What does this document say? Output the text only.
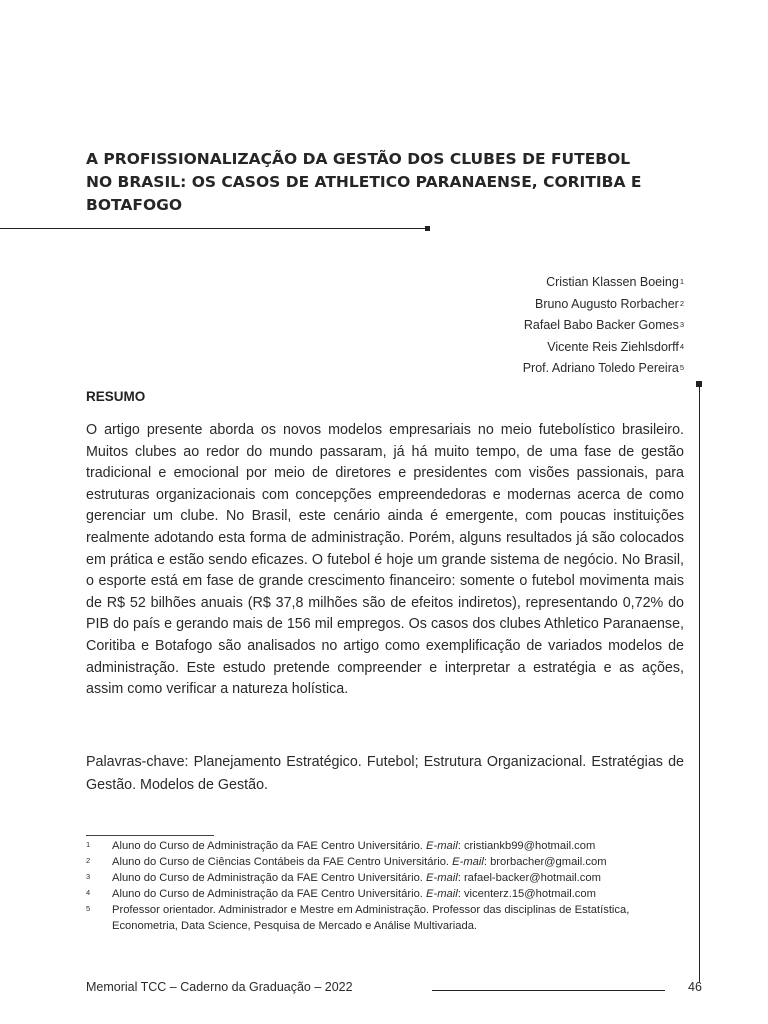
A PROFISSIONALIZAÇÃO DA GESTÃO DOS CLUBES DE FUTEBOL
NO BRASIL: OS CASOS DE ATHLETICO PARANAENSE, CORITIBA E
BOTAFOGO
Cristian Klassen Boeing$^1$
Bruno Augusto Rorbacher$^2$
Rafael Babo Backer Gomes$^3$
Vicente Reis Ziehlsdorff$^4$
Prof. Adriano Toledo Pereira$^5$
RESUMO

O artigo presente aborda os novos modelos empresariais no meio futebolístico brasileiro. Muitos clubes ao redor do mundo passaram, já há muito tempo, de uma fase de gestão tradicional e emocional por meio de diretores e presidentes com visões passionais, para estruturas organizacionais com concepções empreendedoras e modernas acerca de como gerenciar um clube. No Brasil, este cenário ainda é emergente, com poucas instituições realmente adotando esta forma de administração. Porém, alguns resultados já são colocados em prática e estão sendo eficazes. O futebol é hoje um grande sistema de negócio. No Brasil, o esporte está em fase de grande crescimento financeiro: somente o futebol movimenta mais de R$ 52 bilhões anuais (R$ 37,8 milhões são de efeitos indiretos), representando 0,72% do PIB do país e gerando mais de 156 mil empregos. Os casos dos clubes Athletico Paranaense, Coritiba e Botafogo são analisados no artigo como exemplificação de variados modelos de administração. Este estudo pretende compreender e interpretar a estratégia e as ações, assim como verificar a natureza holística.

Palavras-chave: Planejamento Estratégico. Futebol; Estrutura Organizacional. Estratégias de Gestão. Modelos de Gestão.

1 Aluno do Curso de Administração da FAE Centro Universitário. E-mail: cristiankb99@hotmail.com
2 Aluno do Curso de Ciências Contábeis da FAE Centro Universitário. E-mail: brorbacher@gmail.com
3 Aluno do Curso de Administração da FAE Centro Universitário. E-mail: rafael-backer@hotmail.com
4 Aluno do Curso de Administração da FAE Centro Universitário. E-mail: vicenterz.15@hotmail.com
5 Professor orientador. Administrador e Mestre em Administração. Professor das disciplinas de Estatística, Econometria, Data Science, Pesquisa de Mercado e Análise Multivariada.
Memorial TCC – Caderno da Graduação – 2022	46
